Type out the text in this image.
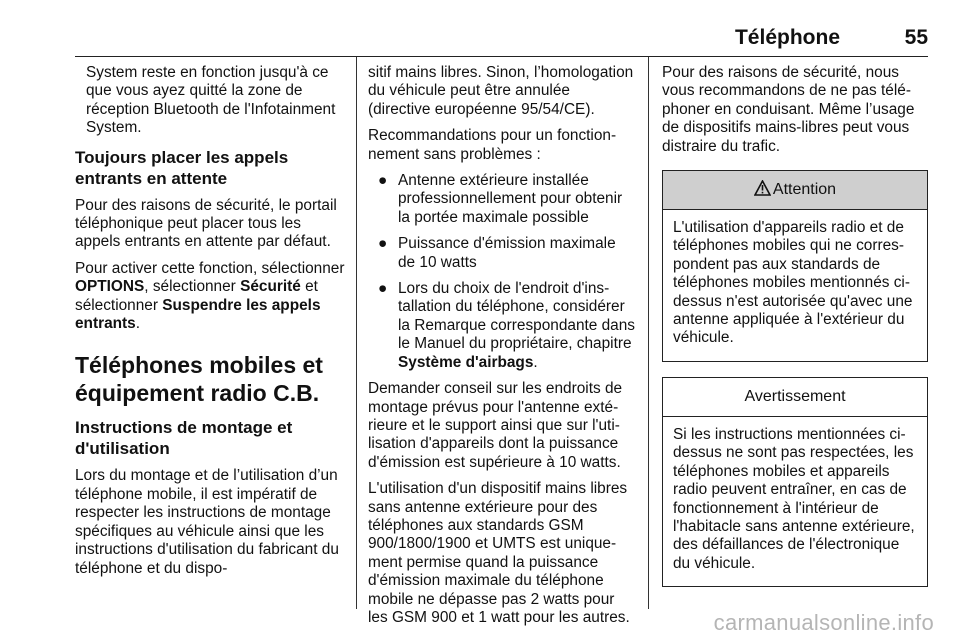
Téléphone	55

System reste en fonction jusqu'à ce que vous ayez quitté la zone de réception Bluetooth de l'Infotainment System.

Toujours placer les appels entrants en attente

Pour des raisons de sécurité, le portail téléphonique peut placer tous les appels entrants en attente par défaut.

Pour activer cette fonction, sélectionner OPTIONS, sélectionner Sécurité et sélectionner Suspendre les appels entrants.

Téléphones mobiles et équipement radio C.B.
Instructions de montage et d'utilisation

Lors du montage et de l’utilisation d’un téléphone mobile, il est impératif de respecter les instructions de montage spécifiques au véhicule ainsi que les instructions d'utilisation du fabricant du téléphone et du dispo-

sitif mains libres. Sinon, l’homologation du véhicule peut être annulée (directive européenne 95/54/CE).

Recommandations pour un fonctionnement sans problèmes :

● Antenne extérieure installée professionnellement pour obtenir la portée maximale possible
● Puissance d'émission maximale de 10 watts
● Lors du choix de l'endroit d'installation du téléphone, considérer la Remarque correspondante dans le Manuel du propriétaire, chapitre Système d'airbags.

Demander conseil sur les endroits de montage prévus pour l'antenne extérieure et le support ainsi que sur l'utilisation d'appareils dont la puissance d'émission est supérieure à 10 watts.

L'utilisation d'un dispositif mains libres sans antenne extérieure pour des téléphones aux standards GSM 900/1800/1900 et UMTS est uniquement permise quand la puissance d'émission maximale du téléphone mobile ne dépasse pas 2 watts pour les GSM 900 et 1 watt pour les autres.

Pour des raisons de sécurité, nous vous recommandons de ne pas téléphoner en conduisant. Même l’usage de dispositifs mains-libres peut vous distraire du trafic.

Attention
L'utilisation d'appareils radio et de téléphones mobiles qui ne correspondent pas aux standards de téléphones mobiles mentionnés ci-dessus n'est autorisée qu'avec une antenne appliquée à l'extérieur du véhicule.
Avertissement
Si les instructions mentionnées ci-dessus ne sont pas respectées, les téléphones mobiles et appareils radio peuvent entraîner, en cas de fonctionnement à l'intérieur de l'habitacle sans antenne extérieure, des défaillances de l'électronique du véhicule.
carmanualsonline.info
